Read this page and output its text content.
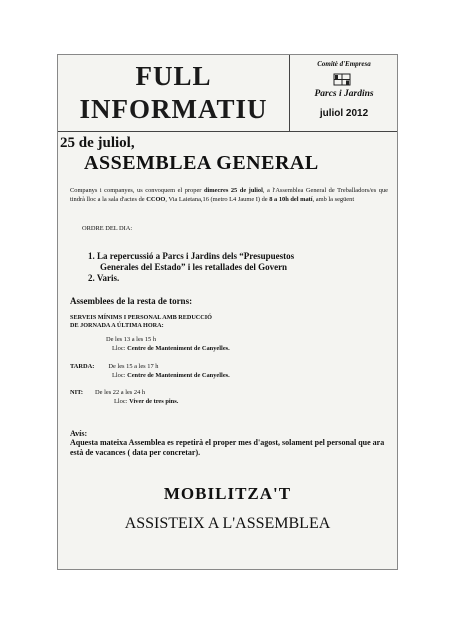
FULL
INFORMATIU
Comitè d'Empresa
Parcs i Jardins
juliol 2012
25 de juliol,
ASSEMBLEA GENERAL
Companys i companyes, us convoquem el proper dimecres 25 de juliol, a l'Assemblea General de Treballadors/es que tindrà lloc a la sala d'actes de CCOO, Via Laietana,16 (metro L4 Jaume I) de 8 a 10h del matí, amb la següent
ORDRE DEL DIA:
1. La repercussió a Parcs i Jardins dels “Presupuestos
Generales del Estado” i les retallades del Govern
2. Varis.
Assemblees de la resta de torns:
SERVEIS MÍNIMS I PERSONAL AMB REDUCCIÓ
DE JORNADA A ÚLTIMA HORA:
De les 13 a les 15 h
Lloc: Centre de Manteniment de Canyelles.
TARDA: De les 15 a les 17 h
Lloc: Centre de Manteniment de Canyelles.
NIT: De les 22 a les 24 h
Lloc: Viver de tres pins.
Avís:
Aquesta mateixa Assemblea es repetirà el proper mes d'agost, solament pel personal que ara està de vacances ( data per concretar).
MOBILITZA'T
ASSISTEIX A L'ASSEMBLEA
